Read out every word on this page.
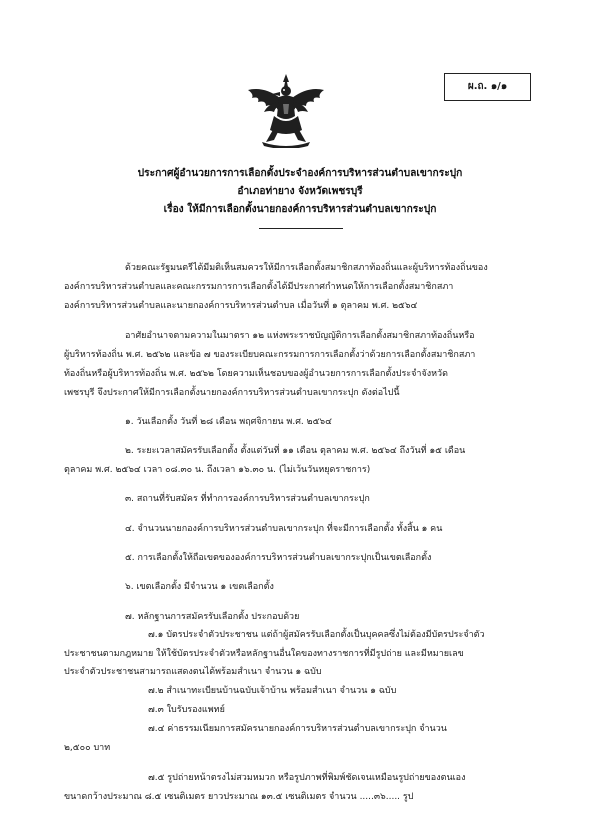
ผ.ถ. ๑/๑
ประกาศผู้อำนวยการการเลือกตั้งประจำองค์การบริหารส่วนตำบลเขากระปุก
อำเภอท่ายาง จังหวัดเพชรบุรี
เรื่อง ให้มีการเลือกตั้งนายกองค์การบริหารส่วนตำบลเขากระปุก
ด้วยคณะรัฐมนตรีได้มีมติเห็นสมควรให้มีการเลือกตั้งสมาชิกสภาท้องถิ่นและผู้บริหารท้องถิ่นของ
องค์การบริหารส่วนตำบลและคณะกรรมการการเลือกตั้งได้มีประกาศกำหนดให้การเลือกตั้งสมาชิกสภา
องค์การบริหารส่วนตำบลและนายกองค์การบริหารส่วนตำบล เมื่อวันที่ ๑ ตุลาคม พ.ศ. ๒๕๖๔
อาศัยอำนาจตามความในมาตรา ๑๒ แห่งพระราชบัญญัติการเลือกตั้งสมาชิกสภาท้องถิ่นหรือ
ผู้บริหารท้องถิ่น พ.ศ. ๒๕๖๒ และข้อ ๗ ของระเบียบคณะกรรมการการเลือกตั้งว่าด้วยการเลือกตั้งสมาชิกสภา
ท้องถิ่นหรือผู้บริหารท้องถิ่น พ.ศ. ๒๕๖๒ โดยความเห็นชอบของผู้อำนวยการการเลือกตั้งประจำจังหวัด
เพชรบุรี จึงประกาศให้มีการเลือกตั้งนายกองค์การบริหารส่วนตำบลเขากระปุก ดังต่อไปนี้
๑. วันเลือกตั้ง วันที่ ๒๘ เดือน พฤศจิกายน พ.ศ. ๒๕๖๔
๒. ระยะเวลาสมัครรับเลือกตั้ง ตั้งแต่วันที่ ๑๑ เดือน ตุลาคม พ.ศ. ๒๕๖๔ ถึงวันที่ ๑๕ เดือน
ตุลาคม พ.ศ. ๒๕๖๔ เวลา ๐๘.๓๐ น. ถึงเวลา ๑๖.๓๐ น. (ไม่เว้นวันหยุดราชการ)
๓. สถานที่รับสมัคร ที่ทำการองค์การบริหารส่วนตำบลเขากระปุก
๔. จำนวนนายกองค์การบริหารส่วนตำบลเขากระปุก ที่จะมีการเลือกตั้ง ทั้งสิ้น ๑ คน
๕. การเลือกตั้งให้ถือเขตขององค์การบริหารส่วนตำบลเขากระปุกเป็นเขตเลือกตั้ง
๖. เขตเลือกตั้ง มีจำนวน ๑ เขตเลือกตั้ง
๗. หลักฐานการสมัครรับเลือกตั้ง ประกอบด้วย
๗.๑ บัตรประจำตัวประชาชน แต่ถ้าผู้สมัครรับเลือกตั้งเป็นบุคคลซึ่งไม่ต้องมีบัตรประจำตัว
ประชาชนตามกฎหมาย ให้ใช้บัตรประจำตัวหรือหลักฐานอื่นใดของทางราชการที่มีรูปถ่าย และมีหมายเลข
ประจำตัวประชาชนสามารถแสดงตนได้พร้อมสำเนา จำนวน ๑ ฉบับ
๗.๒ สำเนาทะเบียนบ้านฉบับเจ้าบ้าน พร้อมสำเนา จำนวน ๑ ฉบับ
๗.๓ ใบรับรองแพทย์
๗.๔ ค่าธรรมเนียมการสมัครนายกองค์การบริหารส่วนตำบลเขากระปุก จำนวน
๒,๕๐๐ บาท
๗.๕ รูปถ่ายหน้าตรงไม่สวมหมวก หรือรูปภาพที่พิมพ์ชัดเจนเหมือนรูปถ่ายของตนเอง
ขนาดกว้างประมาณ ๘.๕ เซนติเมตร ยาวประมาณ ๑๓.๕ เซนติเมตร จำนวน .....๓๖..... รูป
